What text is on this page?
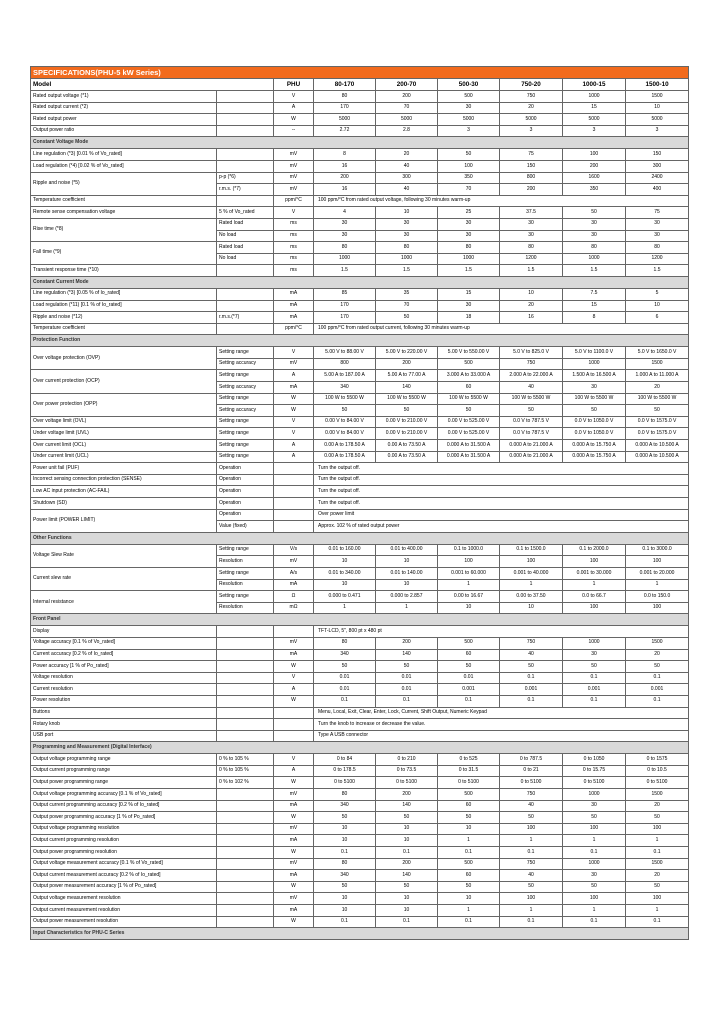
SPECIFICATIONS(PHU-5 kW Series)								
Model		PHU	80-170	200-70	500-30	750-20	1000-15	1500-10
Rated output voltage (*1)		V	80	200	500	750	1000	1500
Rated output current (*2)		A	170	70	30	20	15	10
Rated output power		W	5000	5000	5000	5000	5000	5000
Output power ratio		--	2.72	2.8	3	3	3	3
Constant Voltage Mode								
Line regulation (*3) [0.01 % of Vo_rated]		mV	8	20	50	75	100	150
Load regulation (*4) [0.02 % of Vo_rated]		mV	16	40	100	150	200	300
Ripple and noise (*5)	p-p (*6)	mV	200	300	350	800	1600	2400
	r.m.s. (*7)	mV	16	40	70	200	350	400
Temperature coefficient		ppm/°C	100 ppm/°C from rated output voltage, following 30 minutes warm-up					
Remote sense compensation voltage	5 % of Vo_rated	V	4	10	25	37.5	50	75
Rise time (*8)	Rated load	ms	30	30	30	30	30	30
	No load	ms	30	30	30	30	30	30
Fall time (*9)	Rated load	ms	80	80	80	80	80	80
	No load	ms	1000	1000	1000	1200	1000	1200
Transient response time (*10)		ms	1.5	1.5	1.5	1.5	1.5	1.5
Constant Current Mode								
Line regulation (*3) [0.05 % of Io_rated]		mA	85	35	15	10	7.5	5
Load regulation (*11) [0.1 % of Io_rated]		mA	170	70	30	20	15	10
Ripple and noise (*12)	r.m.s.(*7)	mA	170	50	18	16	8	6
Temperature coefficient		ppm/°C	100 ppm/°C from rated output current, following 30 minutes warm-up					
Protection Function								
Over voltage protection (OVP)	Setting range	V	5.00 V to 88.00 V	5.00 V to 220.00 V	5.00 V to 550.00 V	5.0 V to 825.0 V	5.0 V to 1100.0 V	5.0 V to 1650.0 V
	Setting accuracy	mV	800	200	500	750	1000	1500
Over current protection (OCP)	Setting range	A	5.00 A to 187.00 A	5.00 A to 77.00 A	3.000 A to 33.000 A	2.000 A to 22.000 A	1.500 A to 16.500 A	1.000 A to 11.000 A
	Setting accuracy	mA	340	140	60	40	30	20
Over power protection (OPP)	Setting range	W	100 W to 5500 W	100 W to 5500 W	100 W to 5500 W	100 W to 5500 W	100 W to 5500 W	100 W to 5500 W
	Setting accuracy	W	50	50	50	50	50	50
Over voltage limit (OVL)	Setting range	V	0.00 V to 84.00 V	0.00 V to 210.00 V	0.00 V to 525.00 V	0.0 V to 787.5 V	0.0 V to 1050.0 V	0.0 V to 1575.0 V
Under voltage limit (UVL)	Setting range	V	0.00 V to 84.00 V	0.00 V to 210.00 V	0.00 V to 525.00 V	0.0 V to 787.5 V	0.0 V to 1050.0 V	0.0 V to 1575.0 V
Over current limit (OCL)	Setting range	A	0.00 A to 178.50 A	0.00 A to 73.50 A	0.000 A to 31.500 A	0.000 A to 21.000 A	0.000 A to 15.750 A	0.000 A to 10.500 A
Under current limit (UCL)	Setting range	A	0.00 A to 178.50 A	0.00 A to 73.50 A	0.000 A to 31.500 A	0.000 A to 21.000 A	0.000 A to 15.750 A	0.000 A to 10.500 A
Power unit fail (PUF)	Operation		Turn the output off.					
Incorrect sensing connection protection (SENSE)	Operation		Turn the output off.					
Low AC input protection (AC-FAIL)	Operation		Turn the output off.					
Shutdown (SD)	Operation		Turn the output off.					
Power limit (POWER LIMIT)	Operation		Over power limit					
	Value (fixed)		Approx. 102 % of rated output power					
Other Functions								
Voltage Slew Rate	Setting range	V/s	0.01 to 160.00	0.01 to 400.00	0.1 to 1000.0	0.1 to 1500.0	0.1 to 2000.0	0.1 to 3000.0
	Resolution	mV	10	10	100	100	100	100
Current slew rate	Setting range	A/s	0.01 to 340.00	0.01 to 140.00	0.001 to 60.000	0.001 to 40.000	0.001 to 30.000	0.001 to 20.000
	Resolution	mA	10	10	1	1	1	1
Internal resistance	Setting range	Ω	0.000 to 0.471	0.000 to 2.857	0.00 to 16.67	0.00 to 37.50	0.0 to 66.7	0.0 to 150.0
	Resolution	mΩ	1	1	10	10	100	100
Front Panel								
Display			TFT-LCD, 5", 800 pt x 480 pt					
Voltage accuracy [0.1 % of Vo_rated]		mV	80	200	500	750	1000	1500
Current accuracy [0.2 % of Io_rated]		mA	340	140	60	40	30	20
Power accuracy [1 % of Po_rated]		W	50	50	50	50	50	50
Voltage resolution		V	0.01	0.01	0.01	0.1	0.1	0.1
Current resolution		A	0.01	0.01	0.001	0.001	0.001	0.001
Power resolution		W	0.1	0.1	0.1	0.1	0.1	0.1
Buttons			Menu, Local, Exit, Clear, Enter, Lock, Current, Shift Output, Numeric Keypad					
Rotary knob			Turn the knob to increase or decrease the value.					
USB port			Type A USB connector					
Programming and Measurement (Digital Interface)								
Output voltage programming range	0 % to 105 %	V	0 to 84	0 to 210	0 to 525	0 to 787.5	0 to 1050	0 to 1575
Output current programming range	0 % to 105 %	A	0 to 178.5	0 to 73.5	0 to 31.5	0 to 21	0 to 15.75	0 to 10.5
Output power programming range	0 % to 102 %	W	0 to 5100	0 to 5100	0 to 5100	0 to 5100	0 to 5100	0 to 5100
Output voltage programming accuracy [0.1 % of Vo_rated]		mV	80	200	500	750	1000	1500
Output current programming accuracy [0.2 % of Io_rated]		mA	340	140	60	40	30	20
Output power programming accuracy [1 % of Po_rated]		W	50	50	50	50	50	50
Output voltage programming resolution		mV	10	10	10	100	100	100
Output current programming resolution		mA	10	10	1	1	1	1
Output power programming resolution		W	0.1	0.1	0.1	0.1	0.1	0.1
Output voltage measurement accuracy [0.1 % of Vo_rated]		mV	80	200	500	750	1000	1500
Output current measurement accuracy [0.2 % of Io_rated]		mA	340	140	60	40	30	20
Output power measurement accuracy [1 % of Po_rated]		W	50	50	50	50	50	50
Output voltage measurement resolution		mV	10	10	10	100	100	100
Output current measurement resolution		mA	10	10	1	1	1	1
Output power measurement resolution		W	0.1	0.1	0.1	0.1	0.1	0.1
Input Characteristics for PHU-C Series								
